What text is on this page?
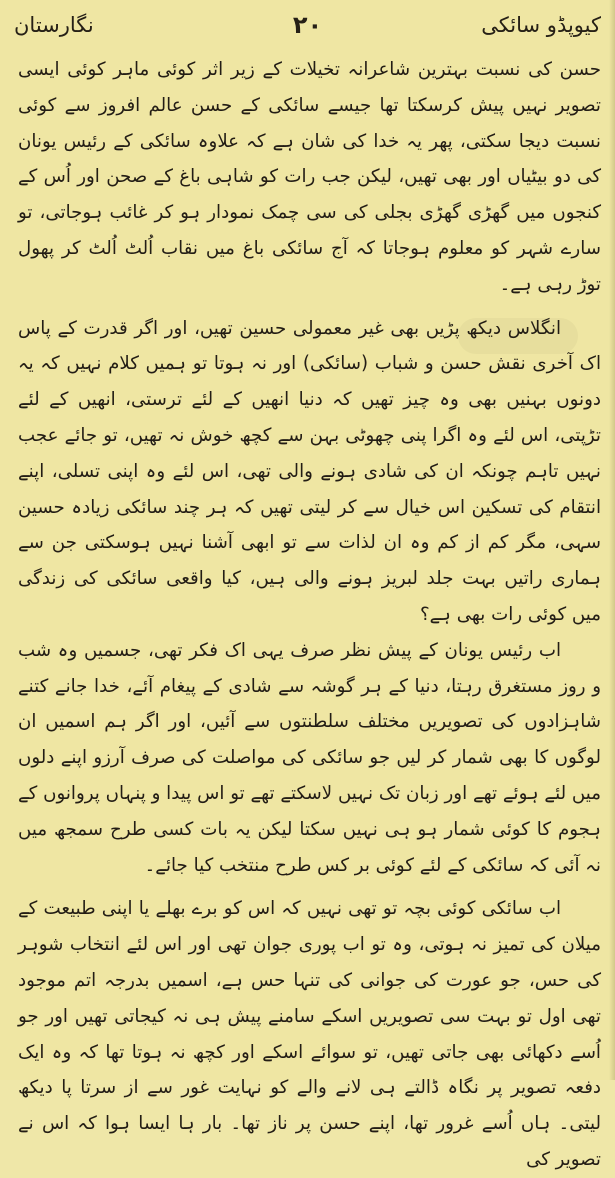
کیوپڈو سائکی
۲۰
نگارستان

حسن کی نسبت بہترین شاعرانہ تخیلات کے زیر اثر کوئی ماہر کوئی ایسی تصویر نہیں پیش کرسکتا تھا جیسے سائکی کے حسن عالم افروز سے کوئی نسبت دیجا سکتی، پھر یہ خدا کی شان ہے کہ علاوہ سائکی کے رئیس یونان کی دو بیٹیاں اور بھی تھیں، لیکن جب رات کو شاہی باغ کے صحن اور اُس کے کنجوں میں گھڑی گھڑی بجلی کی سی چمک نمودار ہو کر غائب ہوجاتی، تو سارے شہر کو معلوم ہوجاتا کہ آج سائکی باغ میں نقاب اُلٹ اُلٹ کر پھول توڑ رہی ہے۔

انگلاس دیکھ پڑیں بھی غیر معمولی حسین تھیں، اور اگر قدرت کے پاس اک آخری نقش حسن و شباب (سائکی) اور نہ ہوتا تو ہمیں کلام نہیں کہ یہ دونوں بہنیں بھی وہ چیز تھیں کہ دنیا انھیں کے لئے ترستی، انھیں کے لئے تڑپتی، اس لئے وہ اگرا پنی چھوٹی بہن سے کچھ خوش نہ تھیں، تو جائے عجب نہیں تاہم چونکہ ان کی شادی ہونے والی تھی، اس لئے وہ اپنی تسلی، اپنے انتقام کی تسکین اس خیال سے کر لیتی تھیں کہ ہر چند سائکی زیادہ حسین سہی، مگر کم از کم وہ ان لذات سے تو ابھی آشنا نہیں ہوسکتی جن سے ہماری راتیں بہت جلد لبریز ہونے والی ہیں، کیا واقعی سائکی کی زندگی میں کوئی رات بھی ہے؟

اب رئیس یونان کے پیش نظر صرف یہی اک فکر تھی، جسمیں وہ شب و روز مستغرق رہتا، دنیا کے ہر گوشہ سے شادی کے پیغام آئے، خدا جانے کتنے شاہزادوں کی تصویریں مختلف سلطنتوں سے آئیں، اور اگر ہم اسمیں ان لوگوں کا بھی شمار کر لیں جو سائکی کی مواصلت کی صرف آرزو اپنے دلوں میں لئے ہوئے تھے اور زبان تک نہیں لاسکتے تھے تو اس پیدا و پنہاں پروانوں کے ہجوم کا کوئی شمار ہو ہی نہیں سکتا لیکن یہ بات کسی طرح سمجھ میں نہ آئی کہ سائکی کے لئے کوئی بر کس طرح منتخب کیا جائے۔

اب سائکی کوئی بچہ تو تھی نہیں کہ اس کو برے بھلے یا اپنی طبیعت کے میلان کی تمیز نہ ہوتی، وہ تو اب پوری جوان تھی اور اس لئے انتخاب شوہر کی حس، جو عورت کی جوانی کی تنہا حس ہے، اسمیں بدرجہ اتم موجود تھی اول تو بہت سی تصویریں اسکے سامنے پیش ہی نہ کیجاتی تھیں اور جو اُسے دکھائی بھی جاتی تھیں، تو سوائے اسکے اور کچھ نہ ہوتا تھا کہ وہ ایک دفعہ تصویر پر نگاہ ڈالتے ہی لانے والے کو نہایت غور سے از سرتا پا دیکھ لیتی۔ ہاں اُسے غرور تھا، اپنے حسن پر ناز تھا۔ بار ہا ایسا ہوا کہ اس نے تصویر کی
